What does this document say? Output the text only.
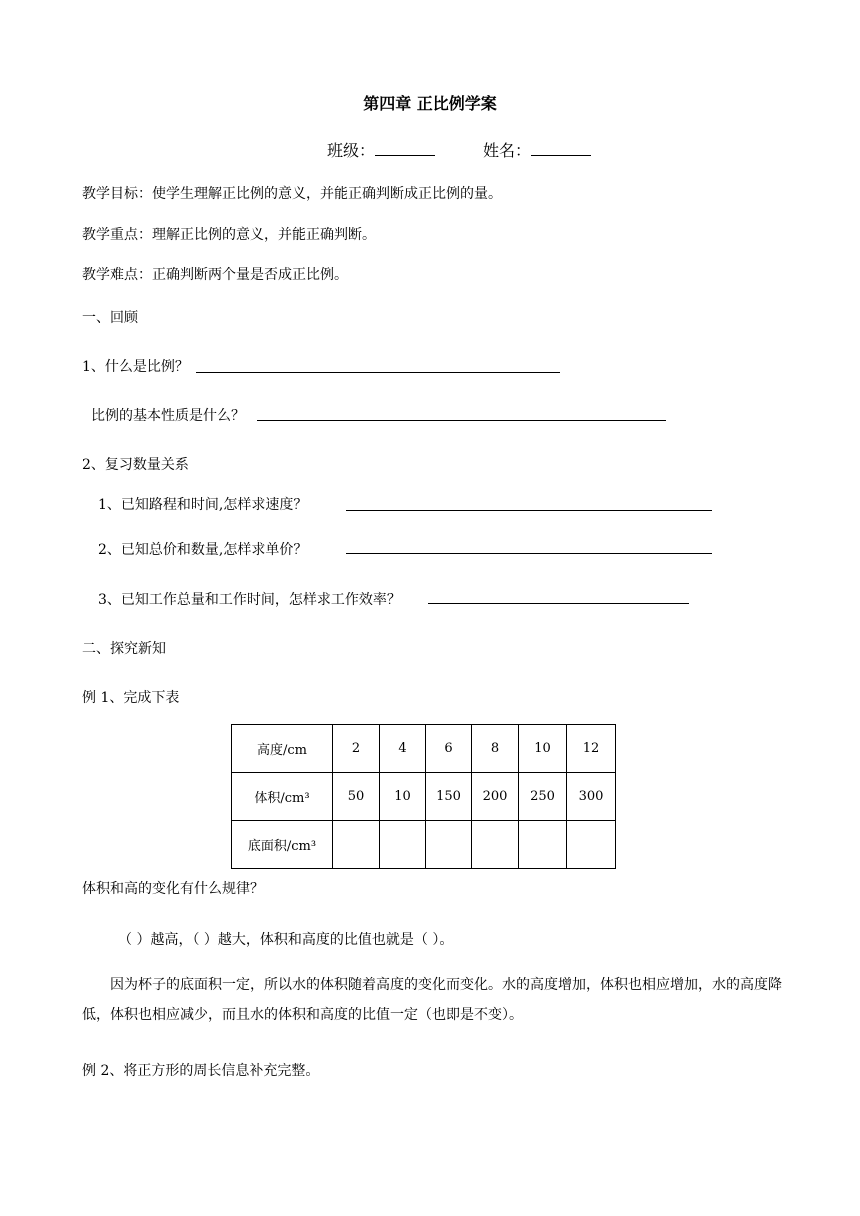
第四章 正比例学案
班级：	姓名：
教学目标：使学生理解正比例的意义，并能正确判断成正比例的量。
教学重点：理解正比例的意义，并能正确判断。
教学难点：正确判断两个量是否成正比例。
一、回顾
1、什么是比例？
比例的基本性质是什么？
2、复习数量关系
1、已知路程和时间,怎样求速度？
2、已知总价和数量,怎样求单价？
3、已知工作总量和工作时间，怎样求工作效率？
二、探究新知
例 1、完成下表
高度/cm	2	4	6	8	10	12
体积/cm³	50	10	150	200	250	300
底面积/cm³						
体积和高的变化有什么规律？
（ ）越高，（ ）越大，体积和高度的比值也就是（ ）。
因为杯子的底面积一定，所以水的体积随着高度的变化而变化。水的高度增加，体积也相应增加，水的高度降低，体积也相应减少，而且水的体积和高度的比值一定（也即是不变）。
例 2、将正方形的周长信息补充完整。
